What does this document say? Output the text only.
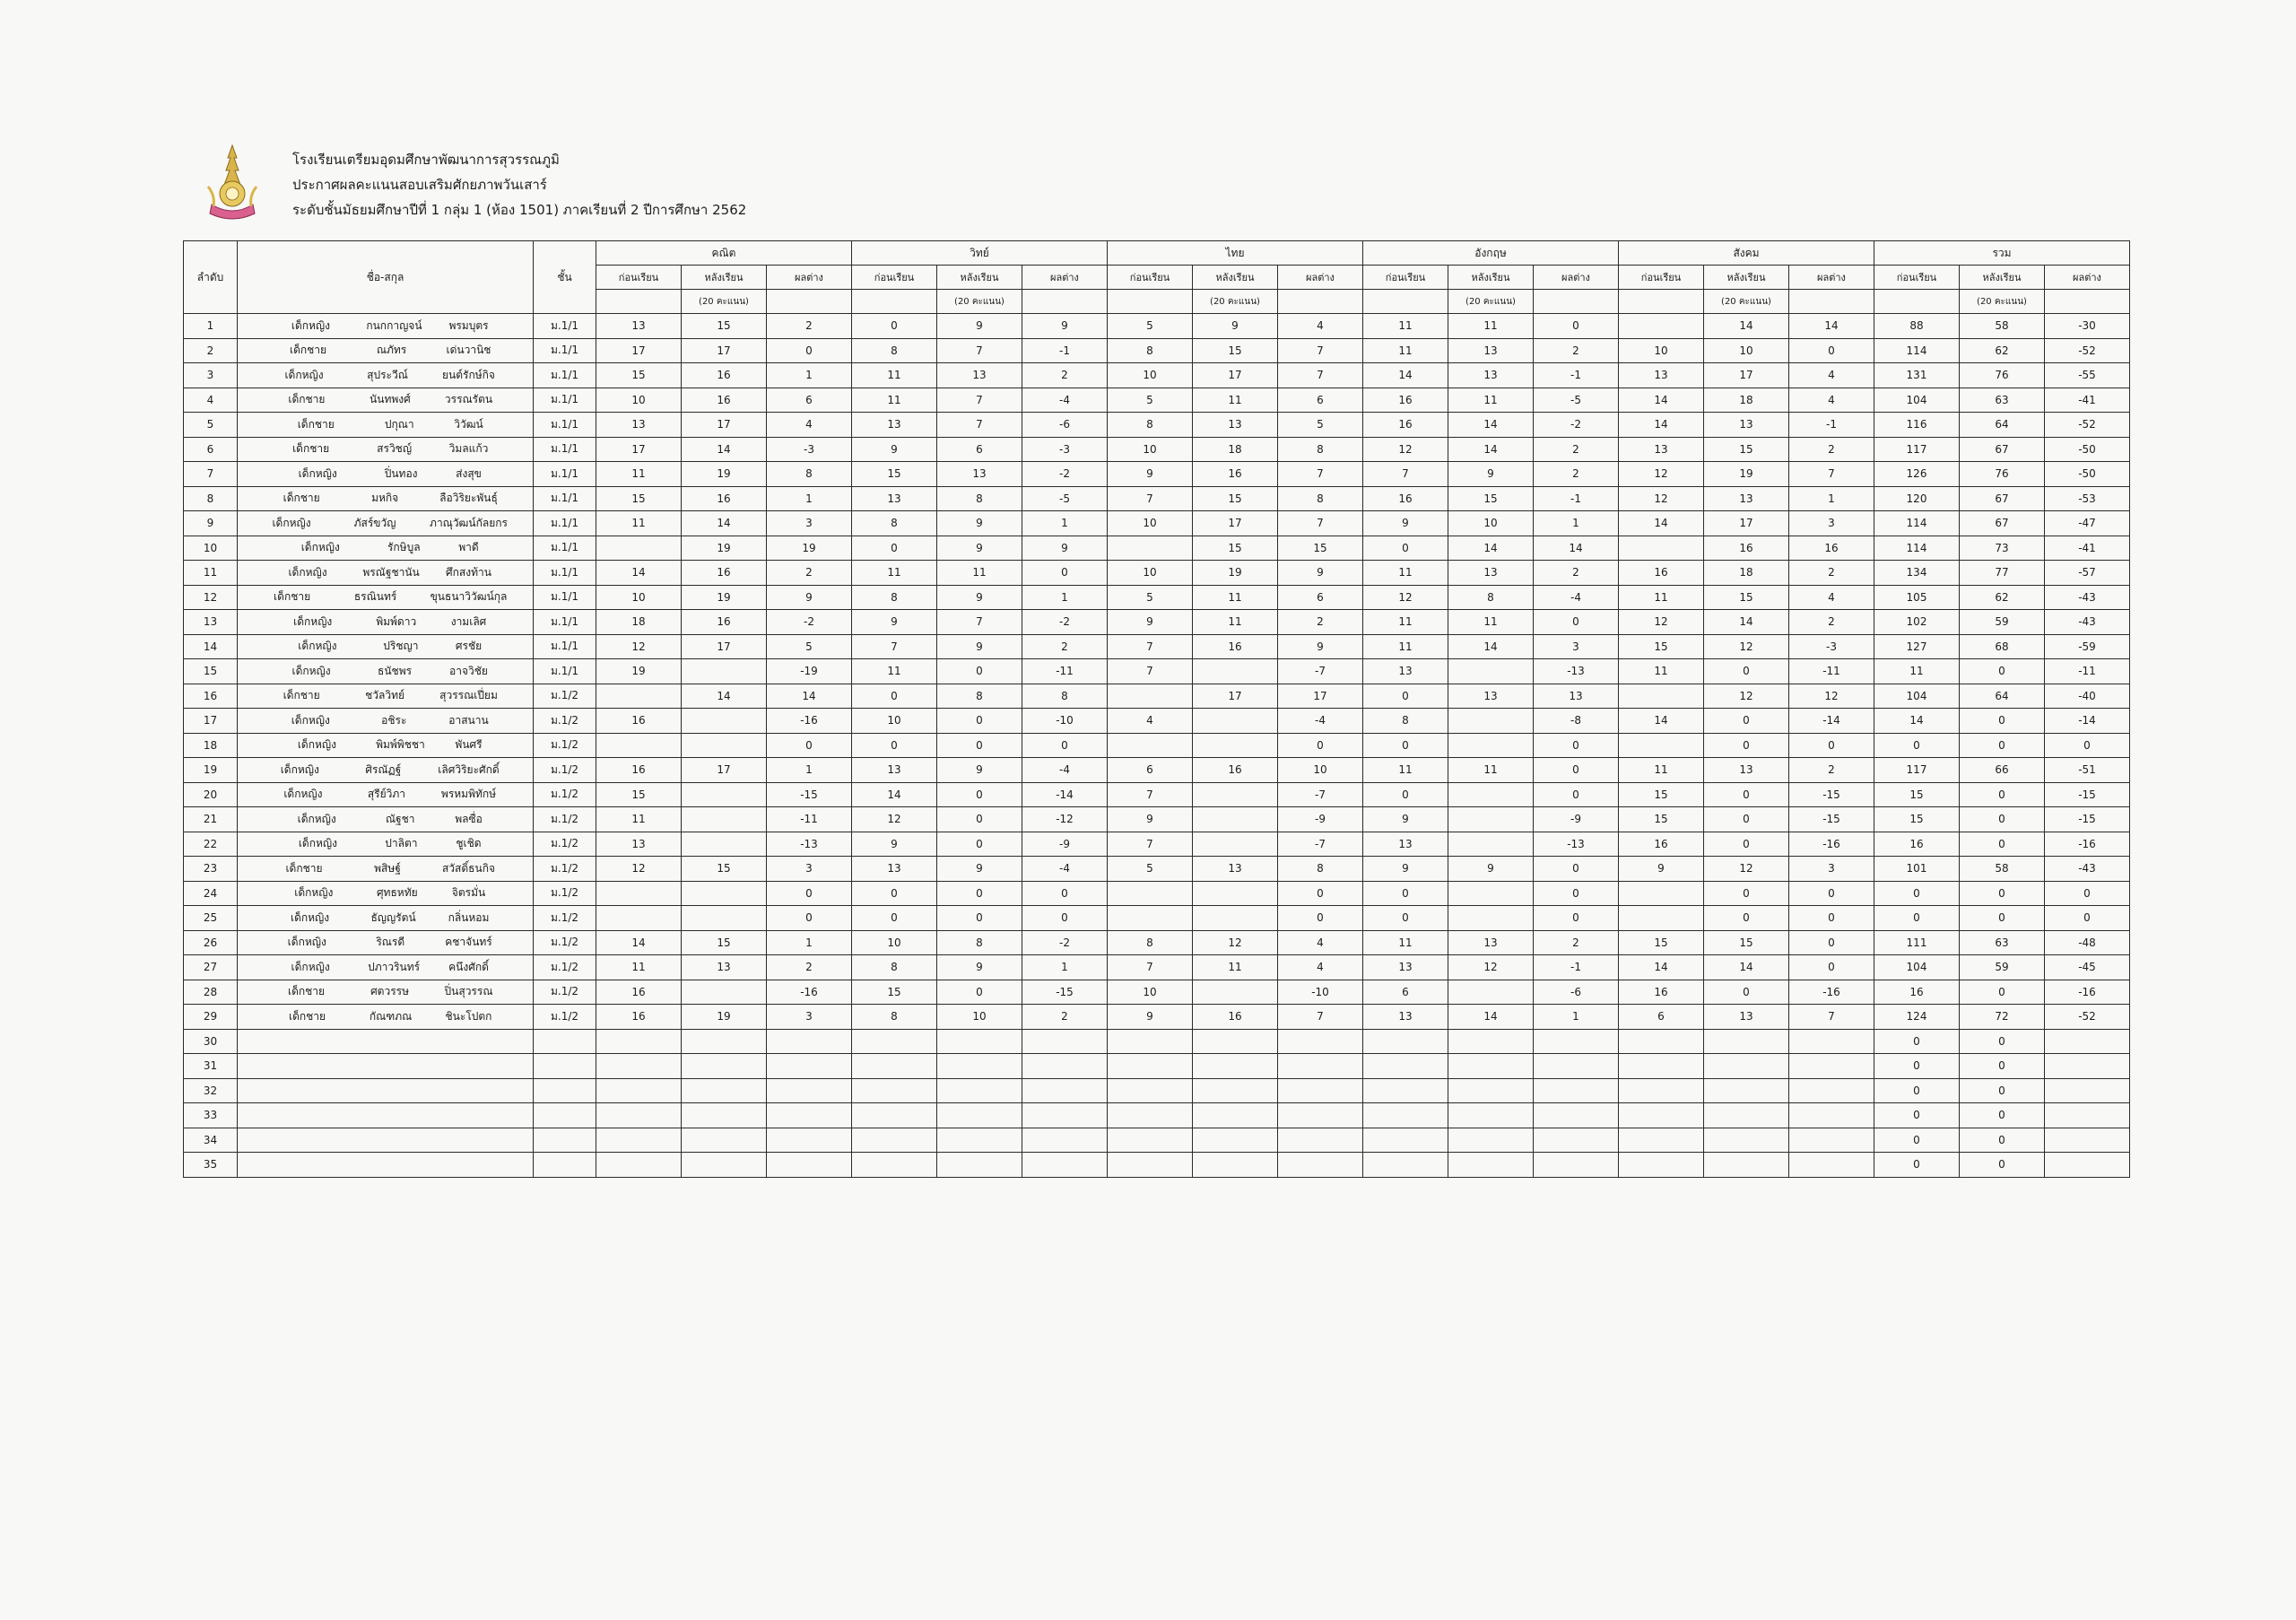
โรงเรียนเตรียมอุดมศึกษาพัฒนาการสุวรรณภูมิ
ประกาศผลคะแนนสอบเสริมศักยภาพวันเสาร์
ระดับชั้นมัธยมศึกษาปีที่ 1 กลุ่ม 1 (ห้อง 1501) ภาคเรียนที่ 2 ปีการศึกษา 2562
ลำดับ	ชื่อ-สกุล	ชั้น	คณิต			วิทย์			ไทย			อังกฤษ			สังคม			รวม		
			ก่อนเรียน	หลังเรียน	ผลต่าง	ก่อนเรียน	หลังเรียน	ผลต่าง	ก่อนเรียน	หลังเรียน	ผลต่าง	ก่อนเรียน	หลังเรียน	ผลต่าง	ก่อนเรียน	หลังเรียน	ผลต่าง	ก่อนเรียน	หลังเรียน	ผลต่าง
				(20 คะแนน)			(20 คะแนน)			(20 คะแนน)			(20 คะแนน)			(20 คะแนน)			(20 คะแนน)	
1	เด็กหญิง กนกกาญจน์ พรมบุตร	ม.1/1	13	15	2	0	9	9	5	9	4	11	11	0		14	14	88	58	-30
2	เด็กชาย ณภัทร เด่นวานิช	ม.1/1	17	17	0	8	7	-1	8	15	7	11	13	2	10	10	0	114	62	-52
3	เด็กหญิง สุประวีณ์ ยนต์รักษ์กิจ	ม.1/1	15	16	1	11	13	2	10	17	7	14	13	-1	13	17	4	131	76	-55
4	เด็กชาย นันทพงศ์ วรรณรัตน	ม.1/1	10	16	6	11	7	-4	5	11	6	16	11	-5	14	18	4	104	63	-41
5	เด็กชาย ปกุณา วิวัฒน์	ม.1/1	13	17	4	13	7	-6	8	13	5	16	14	-2	14	13	-1	116	64	-52
6	เด็กชาย สรวิชญ์ วิมลแก้ว	ม.1/1	17	14	-3	9	6	-3	10	18	8	12	14	2	13	15	2	117	67	-50
7	เด็กหญิง ปิ่นทอง ส่งสุข	ม.1/1	11	19	8	15	13	-2	9	16	7	7	9	2	12	19	7	126	76	-50
8	เด็กชาย มหกิจ ลือวิริยะพันธุ์	ม.1/1	15	16	1	13	8	-5	7	15	8	16	15	-1	12	13	1	120	67	-53
9	เด็กหญิง ภัสร์ขวัญ ภาณุวัฒน์กัลยกร	ม.1/1	11	14	3	8	9	1	10	17	7	9	10	1	14	17	3	114	67	-47
10	เด็กหญิง รักษิบูล พาดี	ม.1/1		19	19	0	9	9		15	15	0	14	14		16	16	114	73	-41
11	เด็กหญิง พรณัฐชานัน ศึกสงท้าน	ม.1/1	14	16	2	11	11	0	10	19	9	11	13	2	16	18	2	134	77	-57
12	เด็กชาย ธรณินทร์ ขุนธนาวิวัฒน์กุล	ม.1/1	10	19	9	8	9	1	5	11	6	12	8	-4	11	15	4	105	62	-43
13	เด็กหญิง พิมพ์ดาว งามเลิศ	ม.1/1	18	16	-2	9	7	-2	9	11	2	11	11	0	12	14	2	102	59	-43
14	เด็กหญิง ปริชญา ศรชัย	ม.1/1	12	17	5	7	9	2	7	16	9	11	14	3	15	12	-3	127	68	-59
15	เด็กหญิง ธนัชพร อาจวิชัย	ม.1/1	19		-19	11	0	-11	7		-7	13		-13	11	0	-11	11	0	-11
16	เด็กชาย ชวัลวิทย์ สุวรรณเปี่ยม	ม.1/2		14	14	0	8	8		17	17	0	13	13		12	12	104	64	-40
17	เด็กหญิง อชิระ อาสนาน	ม.1/2	16		-16	10	0	-10	4		-4	8		-8	14	0	-14	14	0	-14
18	เด็กหญิง พิมพ์พิชชา พันศรี	ม.1/2			0	0	0	0			0	0		0		0	0	0	0	0
19	เด็กหญิง ศิรณัฏฐ์ เลิศวิริยะศักดิ์	ม.1/2	16	17	1	13	9	-4	6	16	10	11	11	0	11	13	2	117	66	-51
20	เด็กหญิง สุรีย์วิภา พรหมพิทักษ์	ม.1/2	15		-15	14	0	-14	7		-7	0		0	15	0	-15	15	0	-15
21	เด็กหญิง ณัฐชา พลซื่อ	ม.1/2	11		-11	12	0	-12	9		-9	9		-9	15	0	-15	15	0	-15
22	เด็กหญิง ปาลิตา ชูเชิด	ม.1/2	13		-13	9	0	-9	7		-7	13		-13	16	0	-16	16	0	-16
23	เด็กชาย พสิษฐ์ สวัสดิ์ธนกิจ	ม.1/2	12	15	3	13	9	-4	5	13	8	9	9	0	9	12	3	101	58	-43
24	เด็กหญิง ศุทธหทัย จิตรมั่น	ม.1/2			0	0	0	0			0	0		0		0	0	0	0	0
25	เด็กหญิง ธัญญรัตน์ กลิ่นหอม	ม.1/2			0	0	0	0			0	0		0		0	0	0	0	0
26	เด็กหญิง ริณรดี คชาจันทร์	ม.1/2	14	15	1	10	8	-2	8	12	4	11	13	2	15	15	0	111	63	-48
27	เด็กหญิง ปภาวรินทร์ คนึงศักดิ์	ม.1/2	11	13	2	8	9	1	7	11	4	13	12	-1	14	14	0	104	59	-45
28	เด็กชาย ศตวรรษ ปิ่นสุวรรณ	ม.1/2	16		-16	15	0	-15	10		-10	6		-6	16	0	-16	16	0	-16
29	เด็กชาย กัณฑภณ ชินะโปตก	ม.1/2	16	19	3	8	10	2	9	16	7	13	14	1	6	13	7	124	72	-52
30																		0	0	
31																		0	0	
32																		0	0	
33																		0	0	
34																		0	0	
35																		0	0	
